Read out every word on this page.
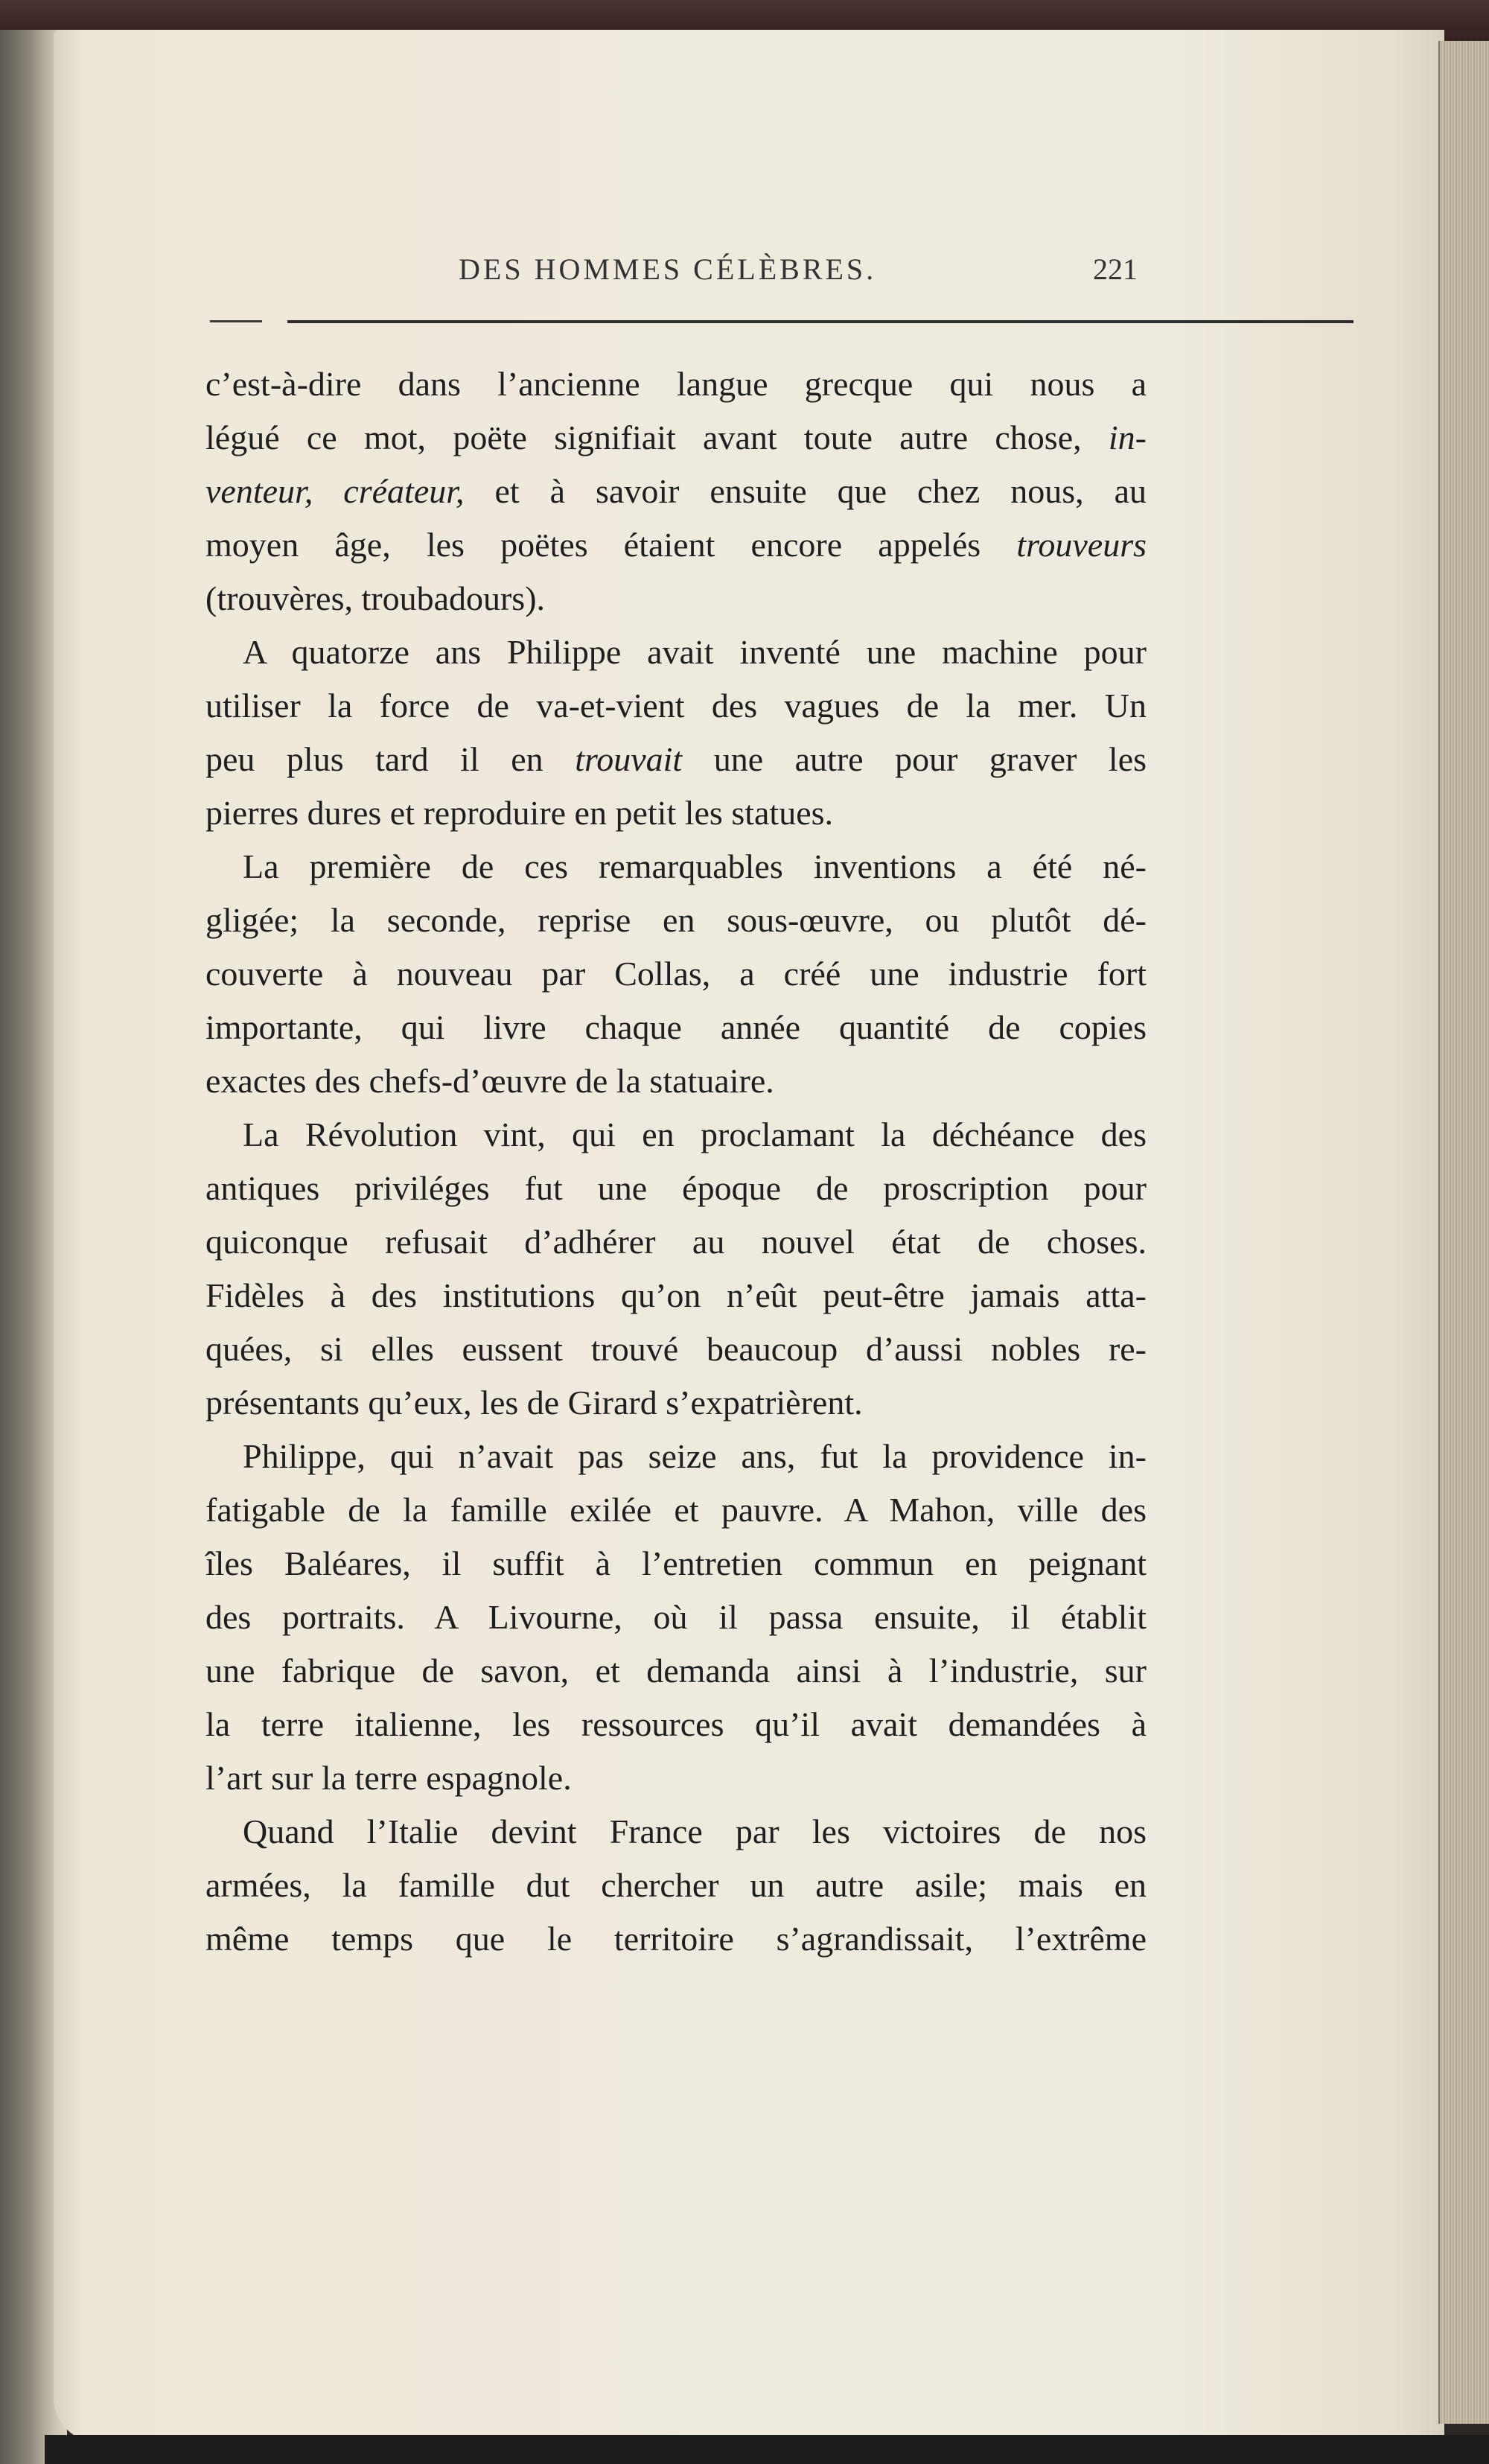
DES HOMMES CÉLÈBRES.	221
c’est-à-dire dans l’ancienne langue grecque qui nous a
légué ce mot, poëte signifiait avant toute autre chose, in-
venteur, créateur, et à savoir ensuite que chez nous, au
moyen âge, les poëtes étaient encore appelés trouveurs
(trouvères, troubadours).
A quatorze ans Philippe avait inventé une machine pour
utiliser la force de va-et-vient des vagues de la mer. Un
peu plus tard il en trouvait une autre pour graver les
pierres dures et reproduire en petit les statues.
La première de ces remarquables inventions a été né-
gligée; la seconde, reprise en sous-œuvre, ou plutôt dé-
couverte à nouveau par Collas, a créé une industrie fort
importante, qui livre chaque année quantité de copies
exactes des chefs-d’œuvre de la statuaire.
La Révolution vint, qui en proclamant la déchéance des
antiques priviléges fut une époque de proscription pour
quiconque refusait d’adhérer au nouvel état de choses.
Fidèles à des institutions qu’on n’eût peut-être jamais atta-
quées, si elles eussent trouvé beaucoup d’aussi nobles re-
présentants qu’eux, les de Girard s’expatrièrent.
Philippe, qui n’avait pas seize ans, fut la providence in-
fatigable de la famille exilée et pauvre. A Mahon, ville des
îles Baléares, il suffit à l’entretien commun en peignant
des portraits. A Livourne, où il passa ensuite, il établit
une fabrique de savon, et demanda ainsi à l’industrie, sur
la terre italienne, les ressources qu’il avait demandées à
l’art sur la terre espagnole.
Quand l’Italie devint France par les victoires de nos
armées, la famille dut chercher un autre asile; mais en
même temps que le territoire s’agrandissait, l’extrême
